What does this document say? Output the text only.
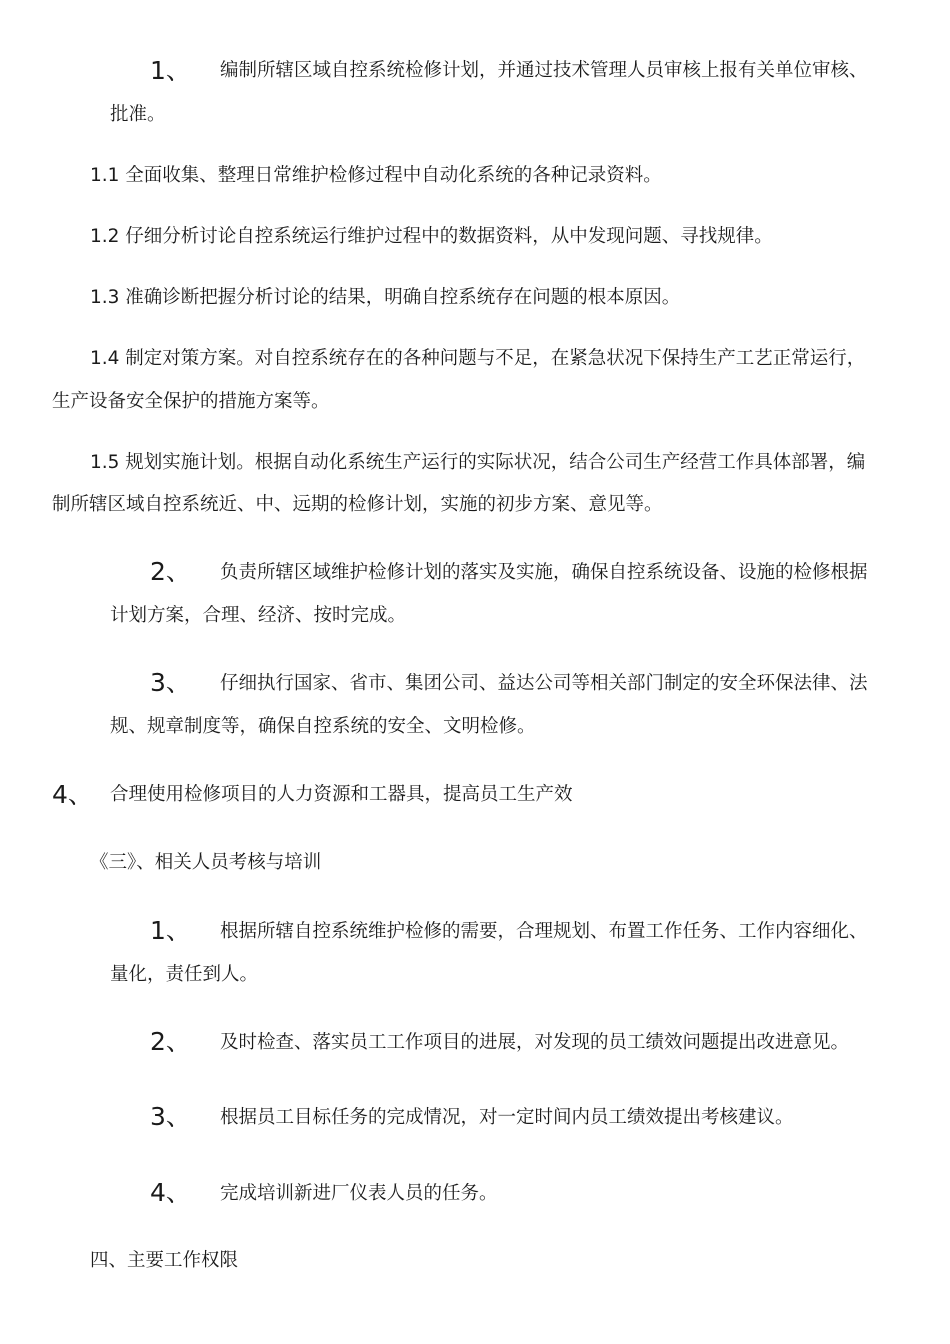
1、 编制所辖区域自控系统检修计划，并通过技术管理人员审核上报有关单位审核、
批准。
1.1 全面收集、整理日常维护检修过程中自动化系统的各种记录资料。
1.2 仔细分析讨论自控系统运行维护过程中的数据资料，从中发现问题、寻找规律。
1.3 准确诊断把握分析讨论的结果，明确自控系统存在问题的根本原因。
1.4 制定对策方案。对自控系统存在的各种问题与不足，在紧急状况下保持生产工艺正常运行，
生产设备安全保护的措施方案等。
1.5 规划实施计划。根据自动化系统生产运行的实际状况，结合公司生产经营工作具体部署，编
制所辖区域自控系统近、中、远期的检修计划，实施的初步方案、意见等。
2、 负责所辖区域维护检修计划的落实及实施，确保自控系统设备、设施的检修根据
计划方案，合理、经济、按时完成。
3、 仔细执行国家、省市、集团公司、益达公司等相关部门制定的安全环保法律、法
规、规章制度等，确保自控系统的安全、文明检修。
4、 合理使用检修项目的人力资源和工器具，提高员工生产效
《三》、相关人员考核与培训
1、 根据所辖自控系统维护检修的需要，合理规划、布置工作任务、工作内容细化、
量化，责任到人。
2、 及时检查、落实员工工作项目的进展，对发现的员工绩效问题提出改进意见。
3、 根据员工目标任务的完成情况，对一定时间内员工绩效提出考核建议。
4、 完成培训新进厂仪表人员的任务。
四、主要工作权限
